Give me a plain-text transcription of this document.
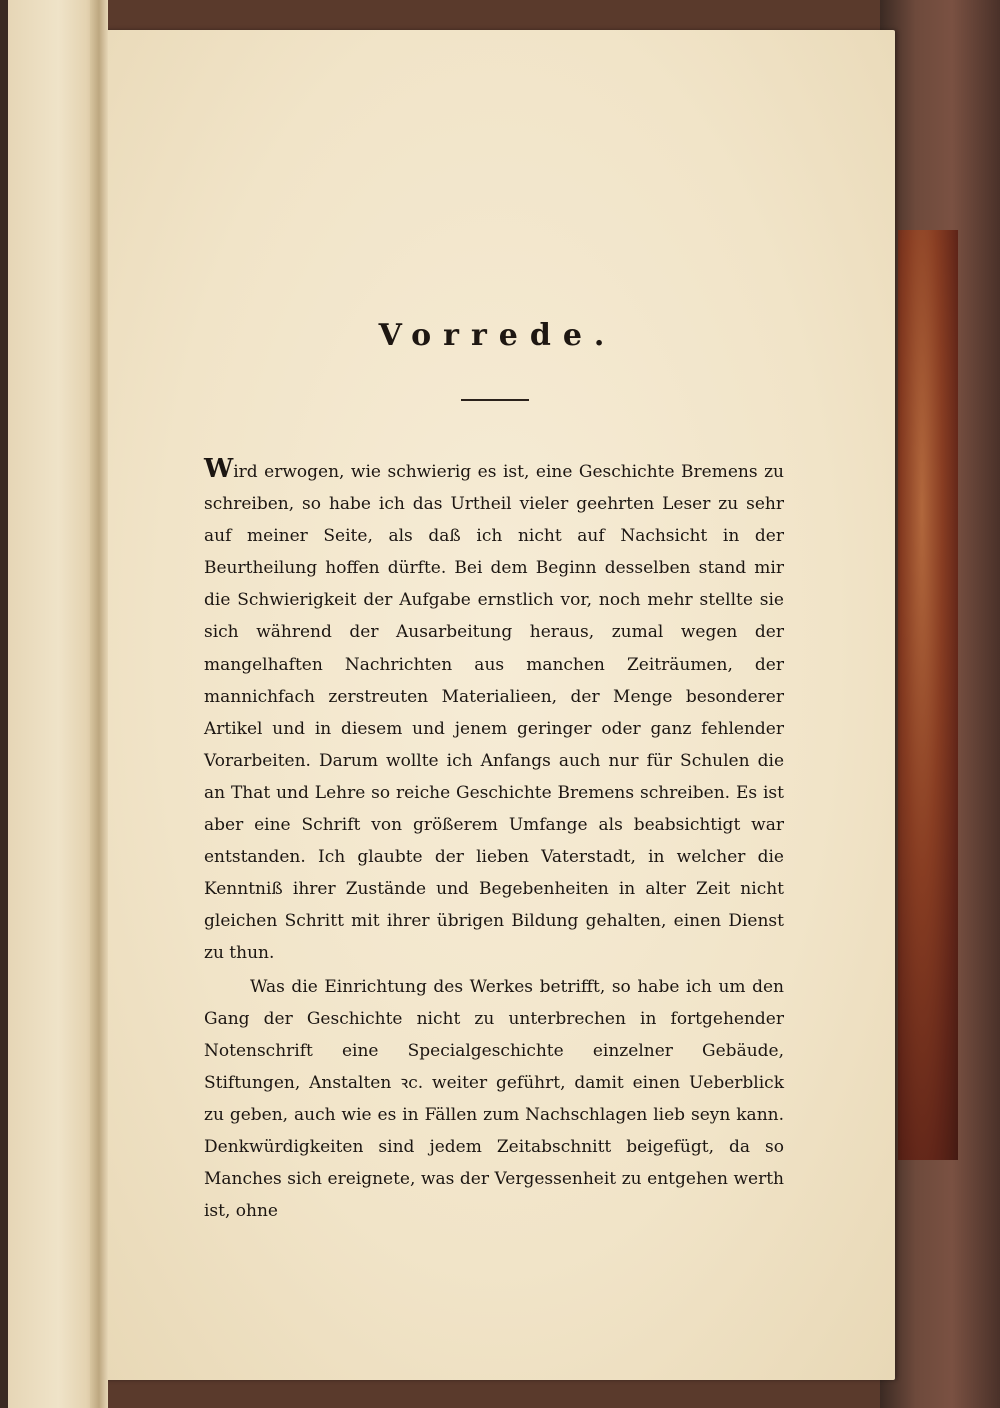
Vorrede.

Wird erwogen, wie schwierig es ist, eine Geschichte Bremens zu schreiben, so habe ich das Urtheil vieler geehrten Leser zu sehr auf meiner Seite, als daß ich nicht auf Nachsicht in der Beurtheilung hoffen dürfte. Bei dem Beginn desselben stand mir die Schwierigkeit der Aufgabe ernstlich vor, noch mehr stellte sie sich während der Ausarbeitung heraus, zumal wegen der mangelhaften Nachrichten aus manchen Zeiträumen, der mannichfach zerstreuten Materialieen, der Menge besonderer Artikel und in diesem und jenem geringer oder ganz fehlender Vorarbeiten. Darum wollte ich Anfangs auch nur für Schulen die an That und Lehre so reiche Geschichte Bremens schreiben. Es ist aber eine Schrift von größerem Umfange als beabsichtigt war entstanden. Ich glaubte der lieben Vaterstadt, in welcher die Kenntniß ihrer Zustände und Begebenheiten in alter Zeit nicht gleichen Schritt mit ihrer übrigen Bildung gehalten, einen Dienst zu thun.

Was die Einrichtung des Werkes betrifft, so habe ich um den Gang der Geschichte nicht zu unterbrechen in fortgehender Notenschrift eine Specialgeschichte einzelner Gebäude, Stiftungen, Anstalten ꝛc. weiter geführt, damit einen Ueberblick zu geben, auch wie es in Fällen zum Nachschlagen lieb seyn kann. Denkwürdigkeiten sind jedem Zeitabschnitt beigefügt, da so Manches sich ereignete, was der Vergessenheit zu entgehen werth ist, ohne
